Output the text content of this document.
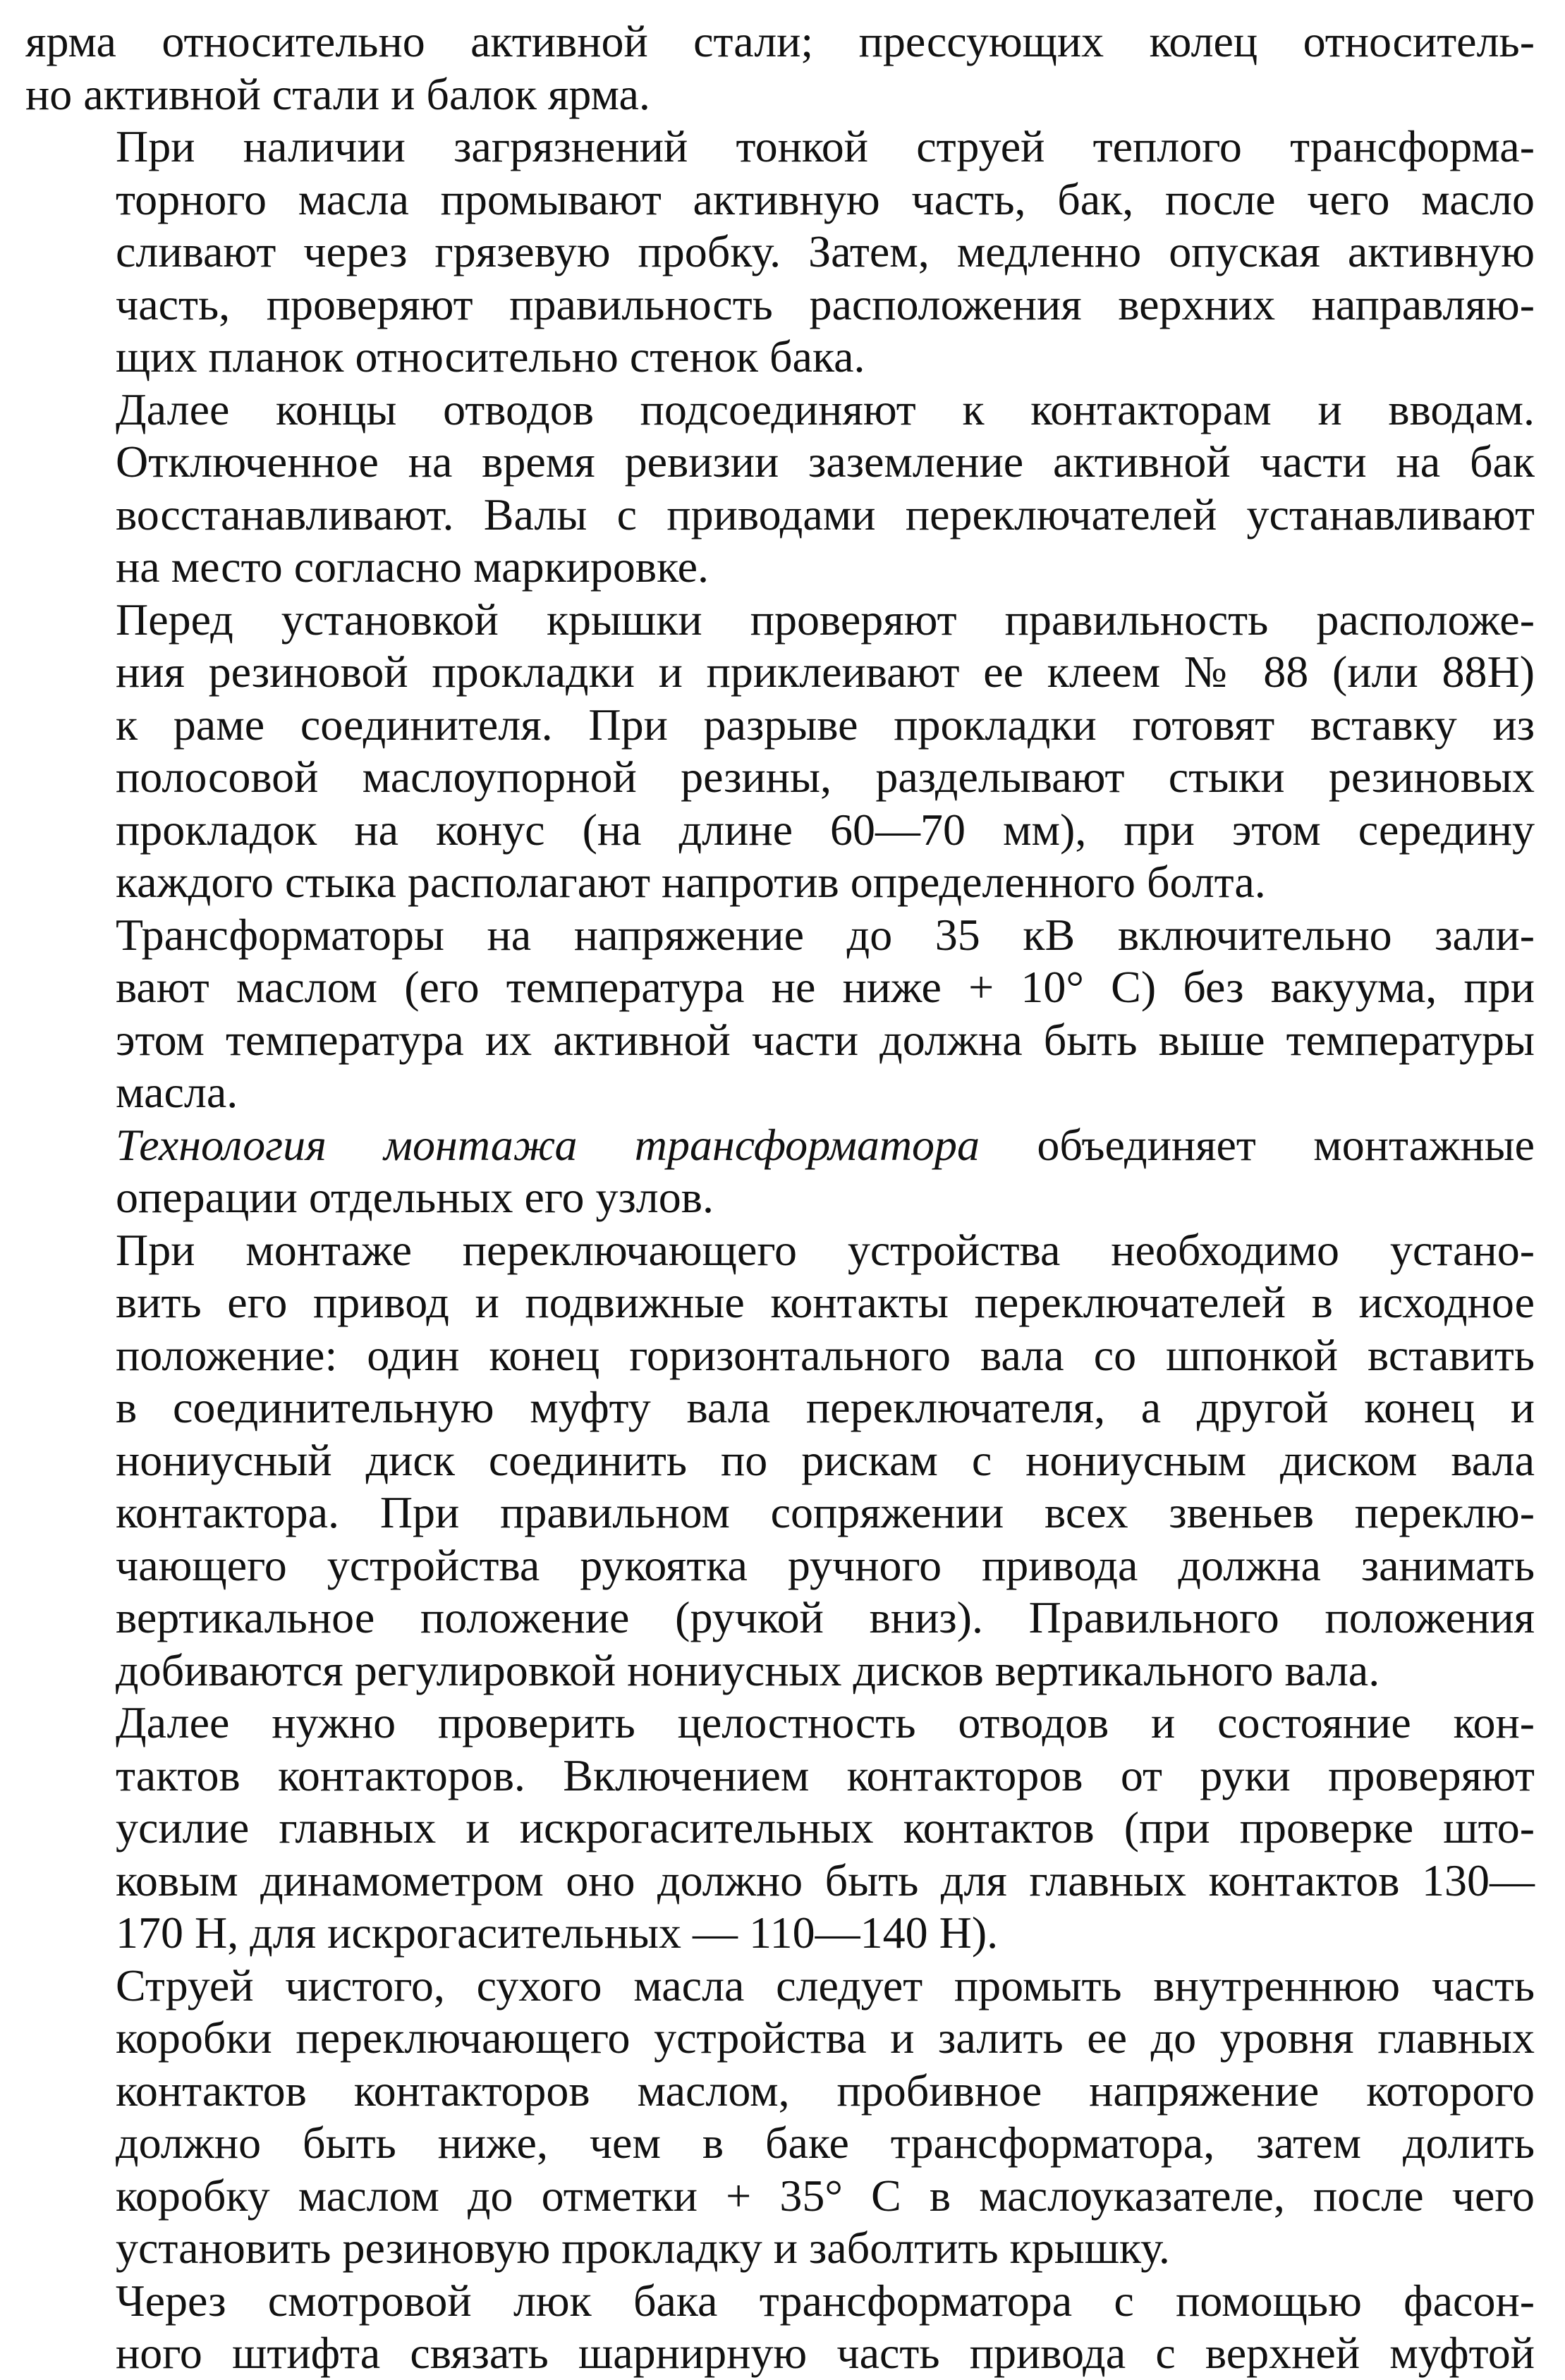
ярма относительно активной стали; прессующих колец относитель-
но активной стали и балок ярма.
При наличии загрязнений тонкой струей теплого трансформа-
торного масла промывают активную часть, бак, после чего масло
сливают через грязевую пробку. Затем, медленно опуская активную
часть, проверяют правильность расположения верхних направляю-
щих планок относительно стенок бака.
Далее концы отводов подсоединяют к контакторам и вводам.
Отключенное на время ревизии заземление активной части на бак
восстанавливают. Валы с приводами переключателей устанавливают
на место согласно маркировке.
Перед установкой крышки проверяют правильность расположе-
ния резиновой прокладки и приклеивают ее клеем № 88 (или 88Н)
к раме соединителя. При разрыве прокладки готовят вставку из
полосовой маслоупорной резины, разделывают стыки резиновых
прокладок на конус (на длине 60—70 мм), при этом середину
каждого стыка располагают напротив определенного болта.
Трансформаторы на напряжение до 35 кВ включительно зали-
вают маслом (его температура не ниже + 10° С) без вакуума, при
этом температура их активной части должна быть выше температуры
масла.
Технология монтажа трансформатора объединяет монтажные
операции отдельных его узлов.
При монтаже переключающего устройства необходимо устано-
вить его привод и подвижные контакты переключателей в исходное
положение: один конец горизонтального вала со шпонкой вставить
в соединительную муфту вала переключателя, а другой конец и
нониусный диск соединить по рискам с нониусным диском вала
контактора. При правильном сопряжении всех звеньев переклю-
чающего устройства рукоятка ручного привода должна занимать
вертикальное положение (ручкой вниз). Правильного положения
добиваются регулировкой нониусных дисков вертикального вала.
Далее нужно проверить целостность отводов и состояние кон-
тактов контакторов. Включением контакторов от руки проверяют
усилие главных и искрогасительных контактов (при проверке што-
ковым динамометром оно должно быть для главных контактов 130—
170 Н, для искрогасительных — 110—140 Н).
Струей чистого, сухого масла следует промыть внутреннюю часть
коробки переключающего устройства и залить ее до уровня главных
контактов контакторов маслом, пробивное напряжение которого
должно быть ниже, чем в баке трансформатора, затем долить
коробку маслом до отметки + 35° С в маслоуказателе, после чего
установить резиновую прокладку и заболтить крышку.
Через смотровой люк бака трансформатора с помощью фасон-
ного штифта связать шарнирную часть привода с верхней муфтой
